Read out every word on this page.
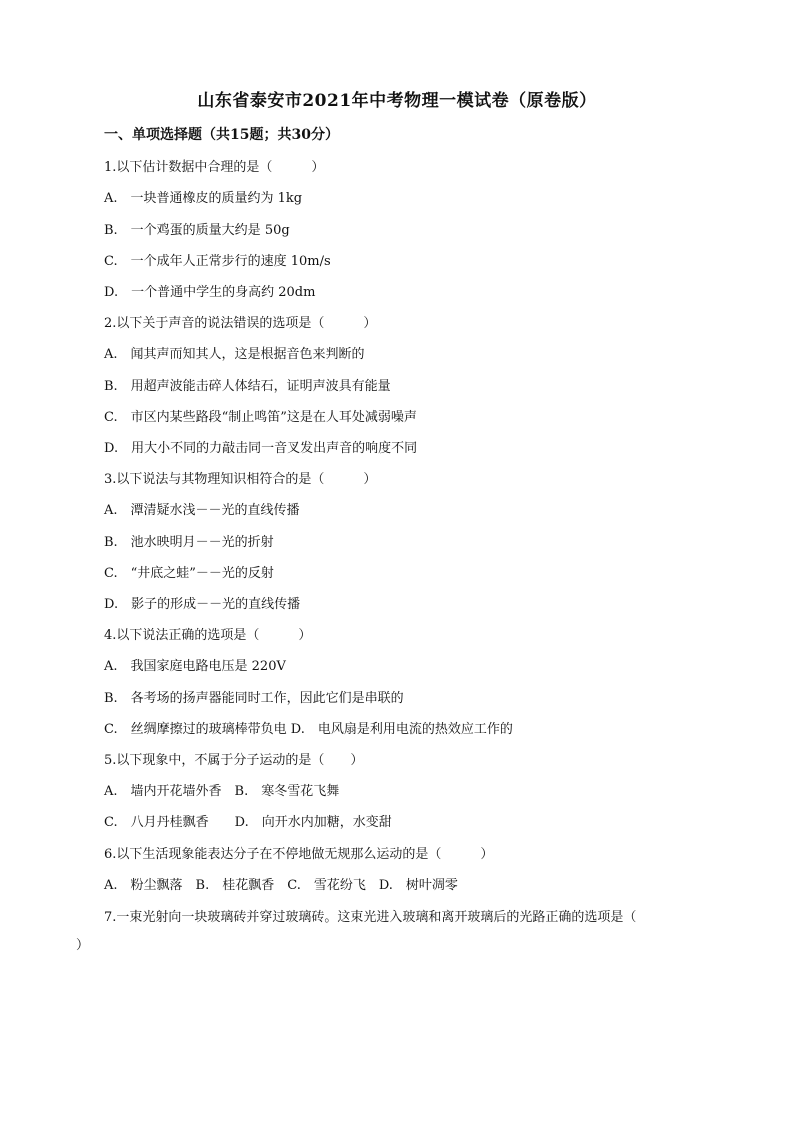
山东省泰安市2021年中考物理一模试卷（原卷版）
一、单项选择题（共15题；共30分）
1.以下估计数据中合理的是（　　　）
A.　一块普通橡皮的质量约为 1kg
B.　一个鸡蛋的质量大约是 50g
C.　一个成年人正常步行的速度 10m/s
D.　一个普通中学生的身高约 20dm
2.以下关于声音的说法错误的选项是（　　　）
A.　闻其声而知其人，这是根据音色来判断的
B.　用超声波能击碎人体结石，证明声波具有能量
C.　市区内某些路段“制止鸣笛”这是在人耳处减弱噪声
D.　用大小不同的力敲击同一音叉发出声音的响度不同
3.以下说法与其物理知识相符合的是（　　　）
A.　潭清疑水浅－－光的直线传播
B.　池水映明月－－光的折射
C.　“井底之蛙”－－光的反射
D.　影子的形成－－光的直线传播
4.以下说法正确的选项是（　　　）
A.　我国家庭电路电压是 220V
B.　各考场的扬声器能同时工作，因此它们是串联的
C.　丝绸摩擦过的玻璃棒带负电 D.　电风扇是利用电流的热效应工作的
5.以下现象中，不属于分子运动的是（　　）
A.　墙内开花墙外香　B.　寒冬雪花飞舞
C.　八月丹桂飘香　　D.　向开水内加糖，水变甜
6.以下生活现象能表达分子在不停地做无规那么运动的是（　　　）
A.　粉尘飘落　B.　桂花飘香　C.　雪花纷飞　D.　树叶凋零
7.一束光射向一块玻璃砖并穿过玻璃砖。这束光进入玻璃和离开玻璃后的光路正确的选项是（
）
